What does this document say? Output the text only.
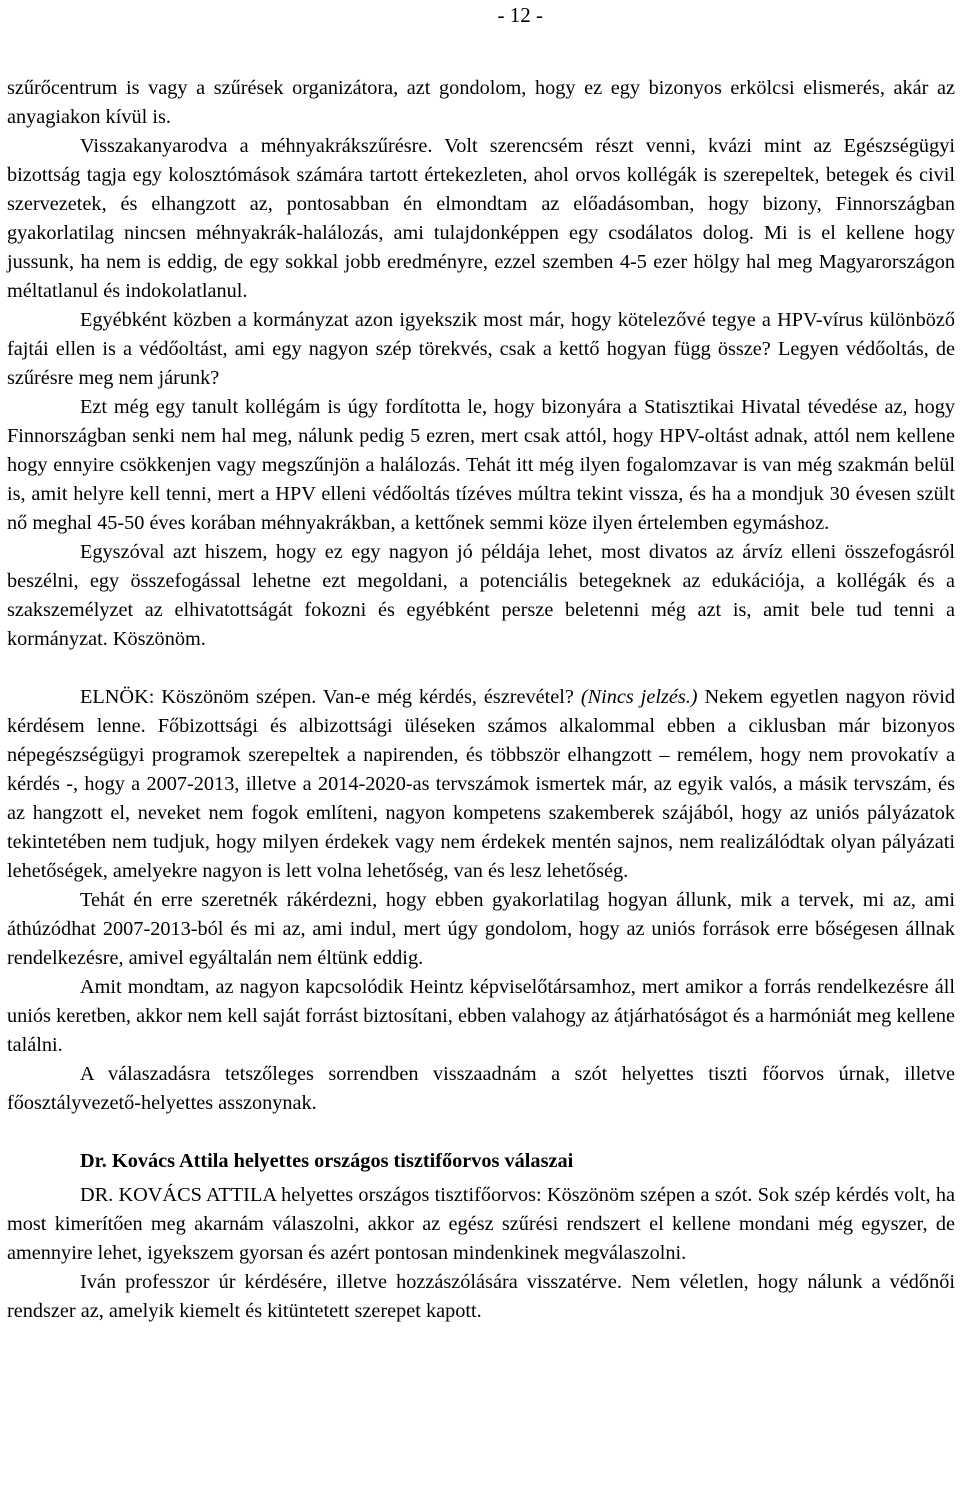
- 12 -

szűrőcentrum is vagy a szűrések organizátora, azt gondolom, hogy ez egy bizonyos erkölcsi elismerés, akár az anyagiakon kívül is.

Visszakanyarodva a méhnyakrákszűrésre. Volt szerencsém részt venni, kvázi mint az Egészségügyi bizottság tagja egy kolosztómások számára tartott értekezleten, ahol orvos kollégák is szerepeltek, betegek és civil szervezetek, és elhangzott az, pontosabban én elmondtam az előadásomban, hogy bizony, Finnországban gyakorlatilag nincsen méhnyakrák-halálozás, ami tulajdonképpen egy csodálatos dolog. Mi is el kellene hogy jussunk, ha nem is eddig, de egy sokkal jobb eredményre, ezzel szemben 4-5 ezer hölgy hal meg Magyarországon méltatlanul és indokolatlanul.

Egyébként közben a kormányzat azon igyekszik most már, hogy kötelezővé tegye a HPV-vírus különböző fajtái ellen is a védőoltást, ami egy nagyon szép törekvés, csak a kettő hogyan függ össze? Legyen védőoltás, de szűrésre meg nem járunk?

Ezt még egy tanult kollégám is úgy fordította le, hogy bizonyára a Statisztikai Hivatal tévedése az, hogy Finnországban senki nem hal meg, nálunk pedig 5 ezren, mert csak attól, hogy HPV-oltást adnak, attól nem kellene hogy ennyire csökkenjen vagy megszűnjön a halálozás. Tehát itt még ilyen fogalomzavar is van még szakmán belül is, amit helyre kell tenni, mert a HPV elleni védőoltás tízéves múltra tekint vissza, és ha a mondjuk 30 évesen szült nő meghal 45-50 éves korában méhnyakrákban, a kettőnek semmi köze ilyen értelemben egymáshoz.

Egyszóval azt hiszem, hogy ez egy nagyon jó példája lehet, most divatos az árvíz elleni összefogásról beszélni, egy összefogással lehetne ezt megoldani, a potenciális betegeknek az edukációja, a kollégák és a szakszemélyzet az elhivatottságát fokozni és egyébként persze beletenni még azt is, amit bele tud tenni a kormányzat. Köszönöm.

ELNÖK: Köszönöm szépen. Van-e még kérdés, észrevétel? (Nincs jelzés.) Nekem egyetlen nagyon rövid kérdésem lenne. Főbizottsági és albizottsági üléseken számos alkalommal ebben a ciklusban már bizonyos népegészségügyi programok szerepeltek a napirenden, és többször elhangzott – remélem, hogy nem provokatív a kérdés -, hogy a 2007-2013, illetve a 2014-2020-as tervszámok ismertek már, az egyik valós, a másik tervszám, és az hangzott el, neveket nem fogok említeni, nagyon kompetens szakemberek szájából, hogy az uniós pályázatok tekintetében nem tudjuk, hogy milyen érdekek vagy nem érdekek mentén sajnos, nem realizálódtak olyan pályázati lehetőségek, amelyekre nagyon is lett volna lehetőség, van és lesz lehetőség.

Tehát én erre szeretnék rákérdezni, hogy ebben gyakorlatilag hogyan állunk, mik a tervek, mi az, ami áthúzódhat 2007-2013-ból és mi az, ami indul, mert úgy gondolom, hogy az uniós források erre bőségesen állnak rendelkezésre, amivel egyáltalán nem éltünk eddig.

Amit mondtam, az nagyon kapcsolódik Heintz képviselőtársamhoz, mert amikor a forrás rendelkezésre áll uniós keretben, akkor nem kell saját forrást biztosítani, ebben valahogy az átjárhatóságot és a harmóniát meg kellene találni.

A válaszadásra tetszőleges sorrendben visszaadnám a szót helyettes tiszti főorvos úrnak, illetve főosztályvezető-helyettes asszonynak.

Dr. Kovács Attila helyettes országos tisztifőorvos válaszai

DR. KOVÁCS ATTILA helyettes országos tisztifőorvos: Köszönöm szépen a szót. Sok szép kérdés volt, ha most kimerítően meg akarnám válaszolni, akkor az egész szűrési rendszert el kellene mondani még egyszer, de amennyire lehet, igyekszem gyorsan és azért pontosan mindenkinek megválaszolni.

Iván professzor úr kérdésére, illetve hozzászólására visszatérve. Nem véletlen, hogy nálunk a védőnői rendszer az, amelyik kiemelt és kitüntetett szerepet kapott.
